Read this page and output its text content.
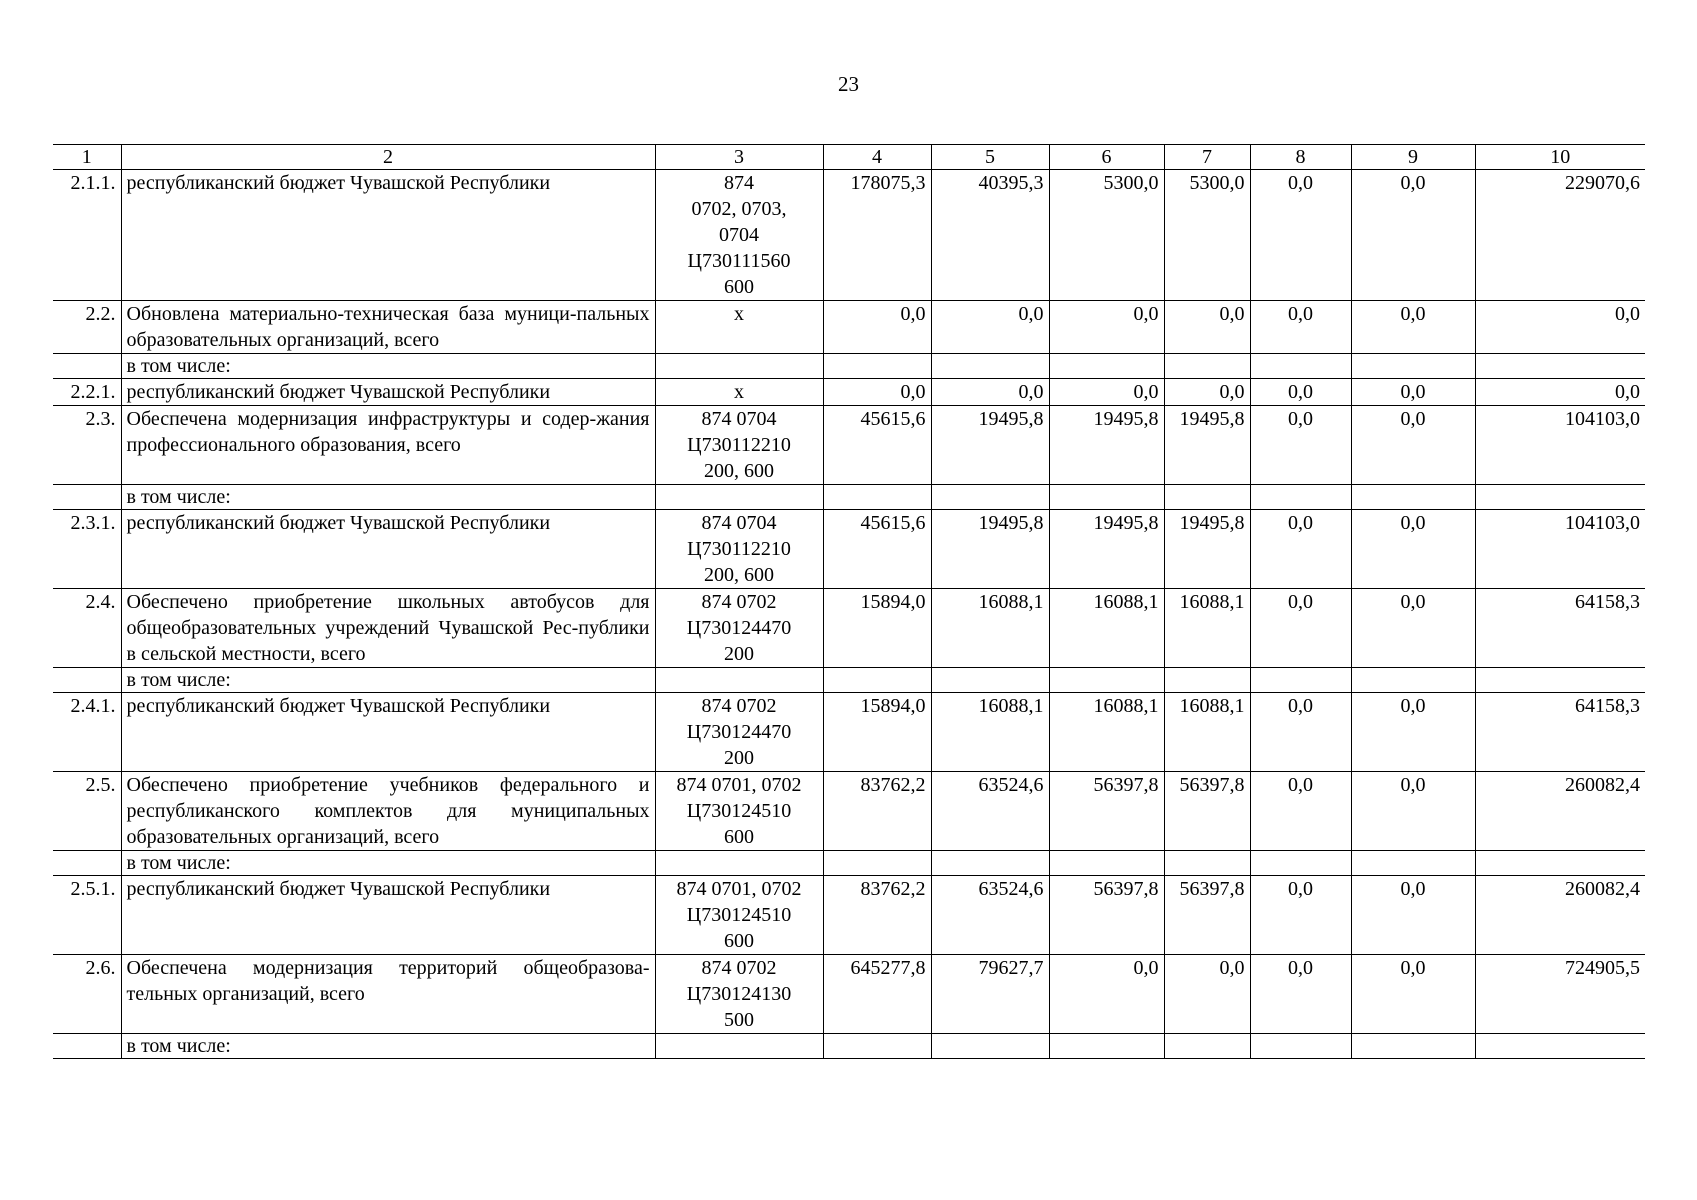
23
1	2	3	4	5	6	7	8	9	10
2.1.1.	республиканский бюджет Чувашской Республики	874
0702, 0703,
0704
Ц730111560
600	178075,3	40395,3	5300,0	5300,0	0,0	0,0	229070,6
2.2.	Обновлена материально-техническая база муници-пальных образовательных организаций, всего	х	0,0	0,0	0,0	0,0	0,0	0,0	0,0
	в том числе:								
2.2.1.	республиканский бюджет Чувашской Республики	х	0,0	0,0	0,0	0,0	0,0	0,0	0,0
2.3.	Обеспечена модернизация инфраструктуры и содер-жания профессионального образования, всего	874 0704
Ц730112210
200, 600	45615,6	19495,8	19495,8	19495,8	0,0	0,0	104103,0
	в том числе:								
2.3.1.	республиканский бюджет Чувашской Республики	874 0704
Ц730112210
200, 600	45615,6	19495,8	19495,8	19495,8	0,0	0,0	104103,0
2.4.	Обеспечено приобретение школьных автобусов для общеобразовательных учреждений Чувашской Рес-публики в сельской местности, всего	874 0702
Ц730124470
200	15894,0	16088,1	16088,1	16088,1	0,0	0,0	64158,3
	в том числе:								
2.4.1.	республиканский бюджет Чувашской Республики	874 0702
Ц730124470
200	15894,0	16088,1	16088,1	16088,1	0,0	0,0	64158,3
2.5.	Обеспечено приобретение учебников федерального и республиканского комплектов для муниципальных образовательных организаций, всего	874 0701, 0702
Ц730124510
600	83762,2	63524,6	56397,8	56397,8	0,0	0,0	260082,4
	в том числе:								
2.5.1.	республиканский бюджет Чувашской Республики	874 0701, 0702
Ц730124510
600	83762,2	63524,6	56397,8	56397,8	0,0	0,0	260082,4
2.6.	Обеспечена модернизация территорий общеобразова-тельных организаций, всего	874 0702
Ц730124130
500	645277,8	79627,7	0,0	0,0	0,0	0,0	724905,5
	в том числе:								
